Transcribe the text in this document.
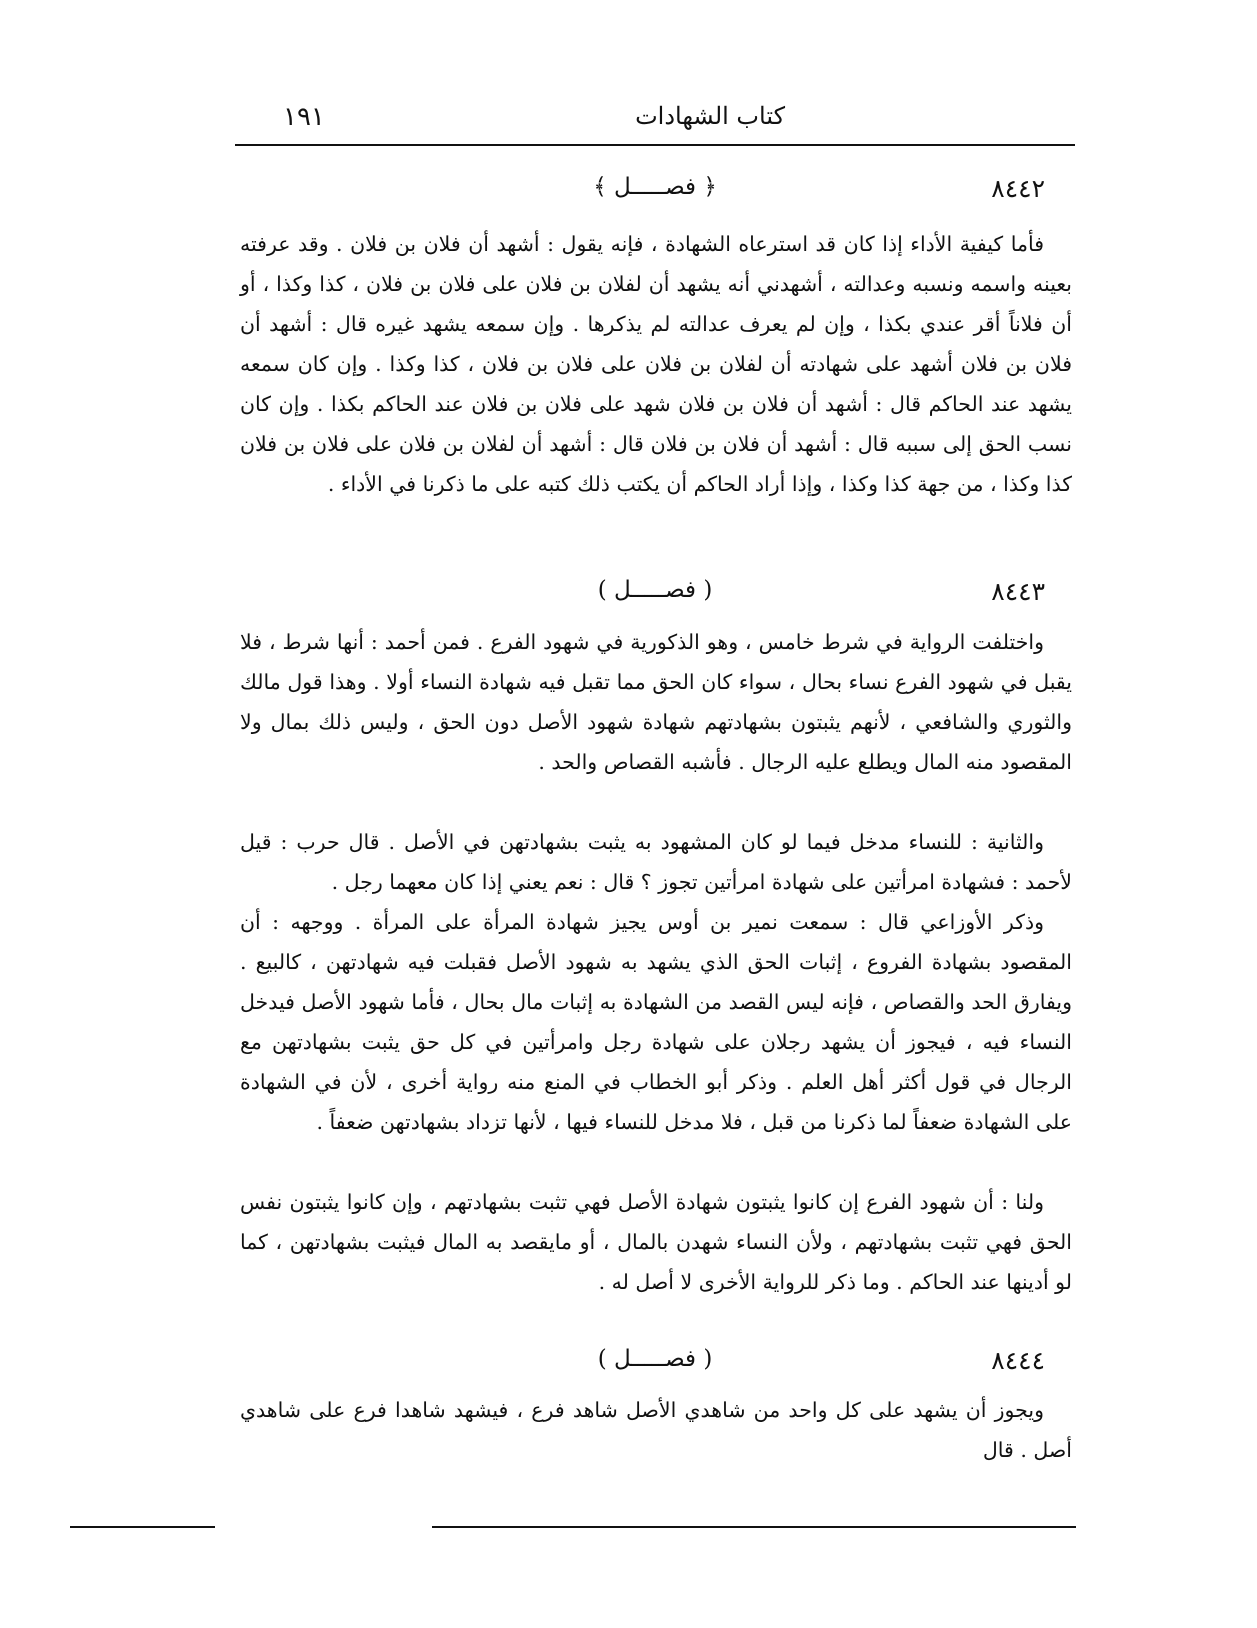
كتاب الشهادات
١٩١
٨٤٤٢
﴿ فصـــــل ﴾

فأما كيفية الأداء إذا كان قد استرعاه الشهادة ، فإنه يقول : أشهد أن فلان بن فلان . وقد عرفته بعينه واسمه ونسبه وعدالته ، أشهدني أنه يشهد أن لفلان بن فلان على فلان بن فلان ، كذا وكذا ، أو أن فلاناً أقر عندي بكذا ، وإن لم يعرف عدالته لم يذكرها . وإن سمعه يشهد غيره قال : أشهد أن فلان بن فلان أشهد على شهادته أن لفلان بن فلان على فلان بن فلان ، كذا وكذا . وإن كان سمعه يشهد عند الحاكم قال : أشهد أن فلان بن فلان شهد على فلان بن فلان عند الحاكم بكذا . وإن كان نسب الحق إلى سببه قال : أشهد أن فلان بن فلان قال : أشهد أن لفلان بن فلان على فلان بن فلان كذا وكذا ، من جهة كذا وكذا ، وإذا أراد الحاكم أن يكتب ذلك كتبه على ما ذكرنا في الأداء .

٨٤٤٣
( فصـــــل )

واختلفت الرواية في شرط خامس ، وهو الذكورية في شهود الفرع . فمن أحمد : أنها شرط ، فلا يقبل في شهود الفرع نساء بحال ، سواء كان الحق مما تقبل فيه شهادة النساء أولا . وهذا قول مالك والثوري والشافعي ، لأنهم يثبتون بشهادتهم شهادة شهود الأصل دون الحق ، وليس ذلك بمال ولا المقصود منه المال ويطلع عليه الرجال . فأشبه القصاص والحد .

والثانية : للنساء مدخل فيما لو كان المشهود به يثبت بشهادتهن في الأصل . قال حرب : قيل لأحمد : فشهادة امرأتين على شهادة امرأتين تجوز ؟ قال : نعم يعني إذا كان معهما رجل .

وذكر الأوزاعي قال : سمعت نمير بن أوس يجيز شهادة المرأة على المرأة . ووجهه : أن المقصود بشهادة الفروع ، إثبات الحق الذي يشهد به شهود الأصل فقبلت فيه شهادتهن ، كالبيع . ويفارق الحد والقصاص ، فإنه ليس القصد من الشهادة به إثبات مال بحال ، فأما شهود الأصل فيدخل النساء فيه ، فيجوز أن يشهد رجلان على شهادة رجل وامرأتين في كل حق يثبت بشهادتهن مع الرجال في قول أكثر أهل العلم . وذكر أبو الخطاب في المنع منه رواية أخرى ، لأن في الشهادة على الشهادة ضعفاً لما ذكرنا من قبل ، فلا مدخل للنساء فيها ، لأنها تزداد بشهادتهن ضعفاً .

ولنا : أن شهود الفرع إن كانوا يثبتون شهادة الأصل فهي تثبت بشهادتهم ، وإن كانوا يثبتون نفس الحق فهي تثبت بشهادتهم ، ولأن النساء شهدن بالمال ، أو مايقصد به المال فيثبت بشهادتهن ، كما لو أدينها عند الحاكم . وما ذكر للرواية الأخرى لا أصل له .

٨٤٤٤
( فصـــــل )

ويجوز أن يشهد على كل واحد من شاهدي الأصل شاهد فرع ، فيشهد شاهدا فرع على شاهدي أصل . قال
